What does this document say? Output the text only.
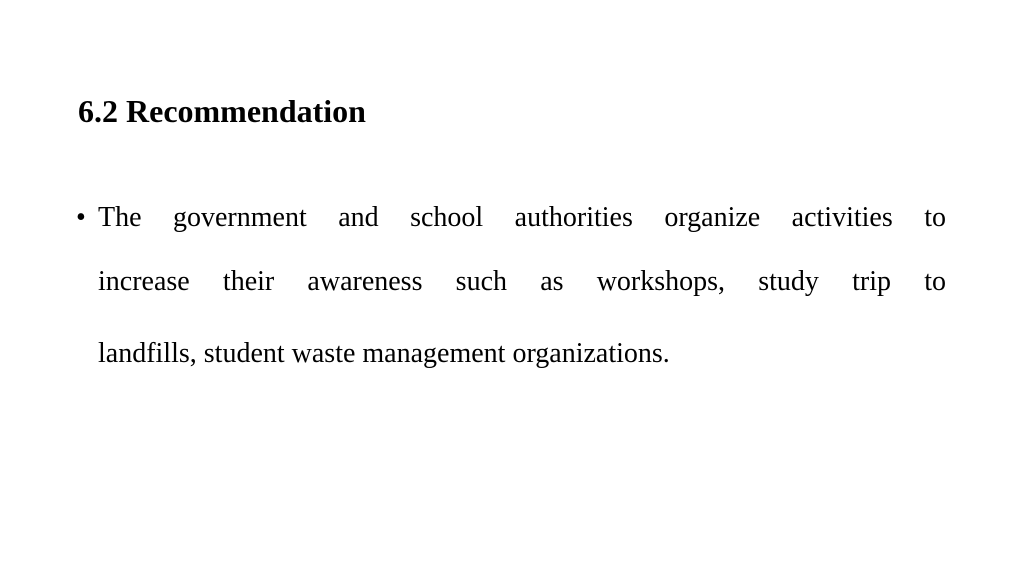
6.2 Recommendation
• The government and school authorities organize activities to
increase their awareness such as workshops, study trip to
landfills, student waste management organizations.
